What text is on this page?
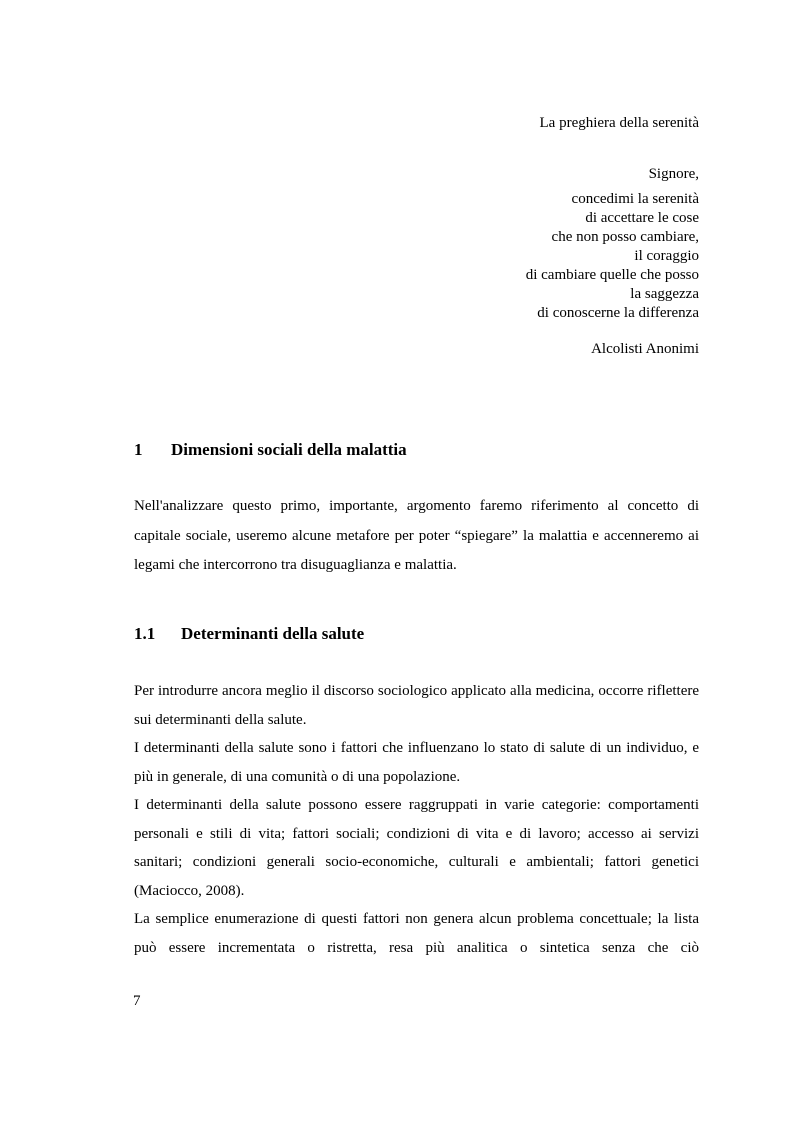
La preghiera della serenità
Signore,
concedimi la serenità
di accettare le cose
che non posso cambiare,
il coraggio
di cambiare quelle che posso
la saggezza
di conoscerne la differenza
Alcolisti Anonimi
1 Dimensioni sociali della malattia

Nell'analizzare questo primo, importante, argomento faremo riferimento al concetto di capitale sociale, useremo alcune metafore per poter “spiegare” la malattia e accenneremo ai legami che intercorrono tra disuguaglianza e malattia.

1.1 Determinanti della salute

Per introdurre ancora meglio il discorso sociologico applicato alla medicina, occorre riflettere sui determinanti della salute.

I determinanti della salute sono i fattori che influenzano lo stato di salute di un individuo, e più in generale, di una comunità o di una popolazione.

I determinanti della salute possono essere raggruppati in varie categorie: comportamenti personali e stili di vita; fattori sociali; condizioni di vita e di lavoro; accesso ai servizi sanitari; condizioni generali socio-economiche, culturali e ambientali; fattori genetici (Maciocco, 2008).

La semplice enumerazione di questi fattori non genera alcun problema concettuale; la lista può essere incrementata o ristretta, resa più analitica o sintetica senza che ciò

7
